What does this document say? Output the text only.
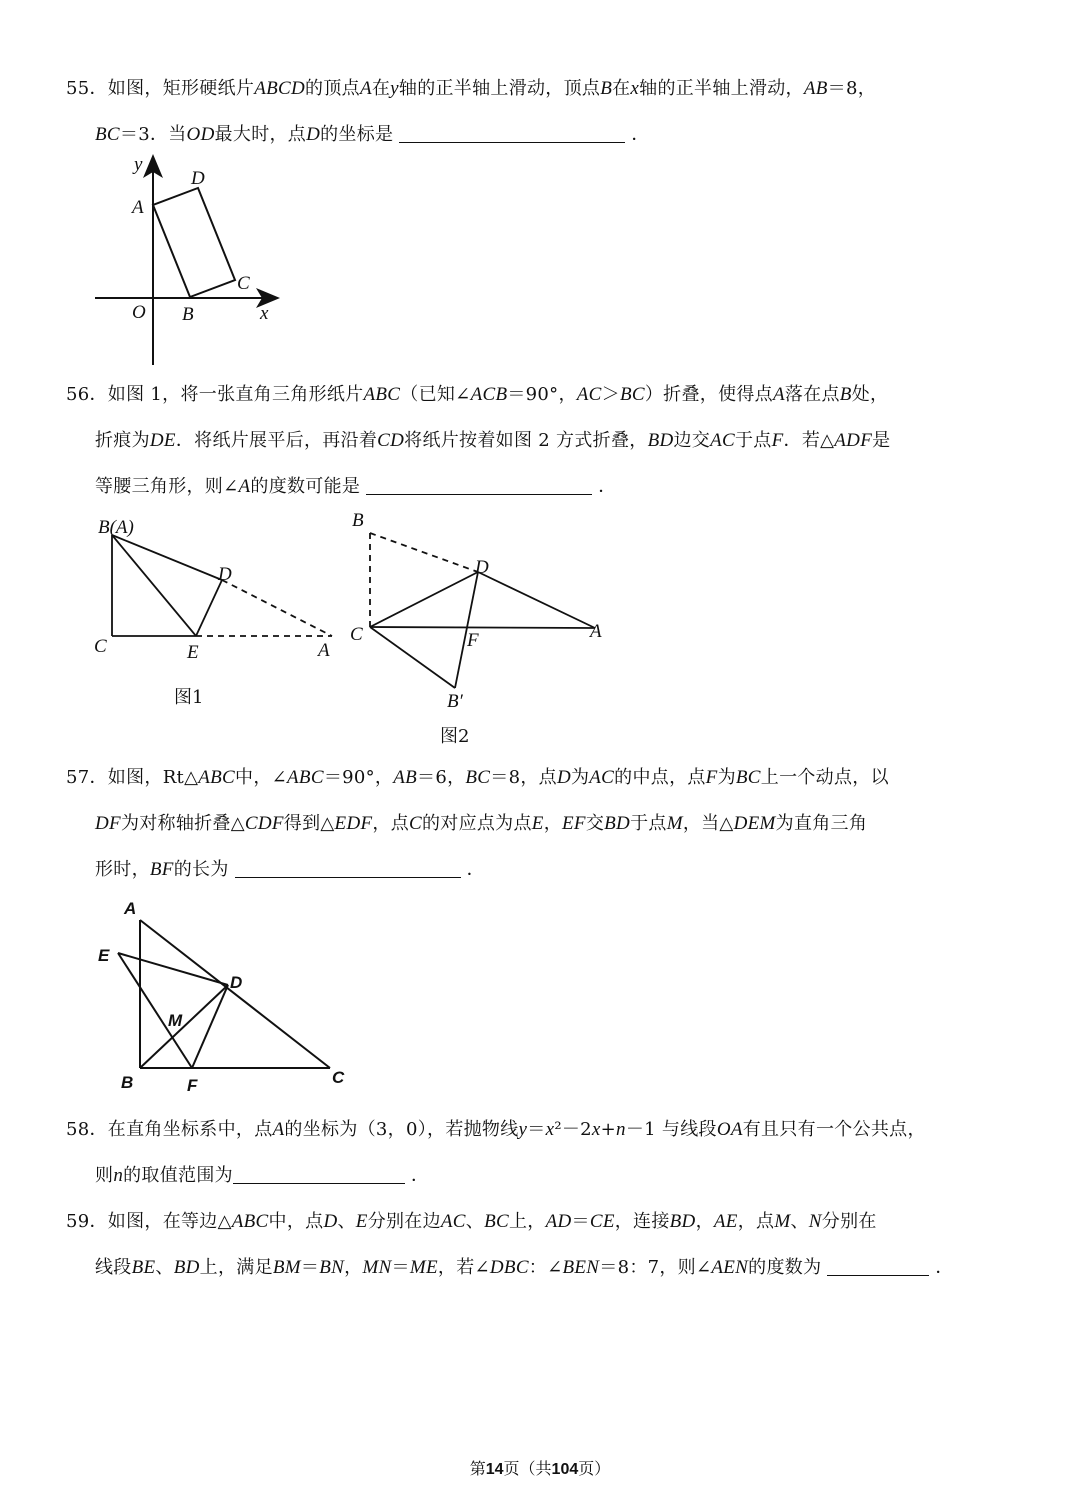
55．如图，矩形硬纸片ABCD的顶点A在y轴的正半轴上滑动，顶点B在x轴的正半轴上滑动，AB＝8，
BC＝3．当OD最大时，点D的坐标是	．
56．如图 1，将一张直角三角形纸片ABC（已知∠ACB＝90°，AC＞BC）折叠，使得点A落在点B处，
折痕为DE．将纸片展平后，再沿着CD将纸片按着如图 2 方式折叠，BD边交AC于点F．若△ADF是
等腰三角形，则∠A的度数可能是	．
57．如图，Rt△ABC中，∠ABC＝90°，AB＝6，BC＝8，点D为AC的中点，点F为BC上一个动点，以
DF为对称轴折叠△CDF得到△EDF，点C的对应点为点E，EF交BD于点M，当△DEM为直角三角
形时，BF的长为	．
58．在直角坐标系中，点A的坐标为（3，0），若抛物线y＝x²－2x+n－1 与线段OA有且只有一个公共点，
则n的取值范围为	．
59．如图，在等边△ABC中，点D、E分别在边AC、BC上，AD＝CE，连接BD，AE，点M、N分别在
线段BE、BD上，满足BM＝BN，MN＝ME，若∠DBC：∠BEN＝8：7，则∠AEN的度数为	．
y
D
A
C
O B	x
B(A)
D
C	E	A
图1
B
D
C	F	A
B′
图2
A
E
D
M
B	F	C
第14页（共104页）
